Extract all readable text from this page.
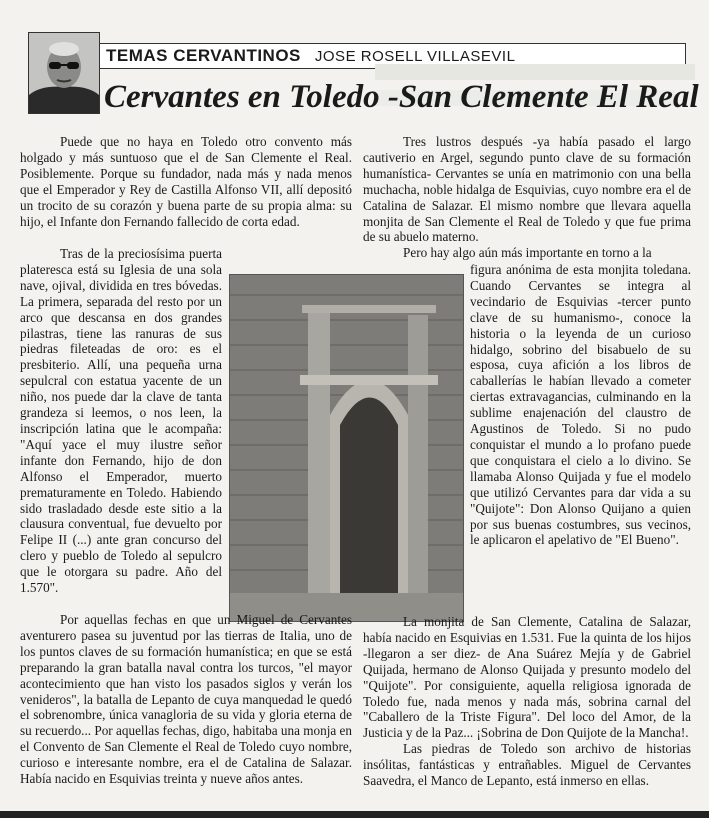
TEMAS CERVANTINOS JOSE ROSELL VILLASEVIL
Cervantes en Toledo -San Clemente El Real

Puede que no haya en Toledo otro convento más holgado y más suntuoso que el de San Clemente el Real. Posiblemente. Porque su fundador, nada más y nada menos que el Emperador y Rey de Castilla Alfonso VII, allí depositó un trocito de su corazón y buena parte de su propia alma: su hijo, el Infante don Fernando fallecido de corta edad.

Tras de la preciosísima puerta plateresca está su Iglesia de una sola nave, ojival, dividida en tres bóvedas. La primera, separada del resto por un arco que descansa en dos grandes pilastras, tiene las ranuras de sus piedras fileteadas de oro: es el presbiterio. Allí, una pequeña urna sepulcral con estatua yacente de un niño, nos puede dar la clave de tanta grandeza si leemos, o nos leen, la inscripción latina que le acompaña: "Aquí yace el muy ilustre señor infante don Fernando, hijo de don Alfonso el Emperador, muerto prematuramente en Toledo. Habiendo sido trasladado desde este sitio a la clausura conventual, fue devuelto por Felipe II (...) ante gran concurso del clero y pueblo de Toledo al sepulcro que le otorgara su padre. Año del 1.570".

Tres lustros después -ya había pasado el largo cautiverio en Argel, segundo punto clave de su formación humanística- Cervantes se unía en matrimonio con una bella muchacha, noble hidalga de Esquivias, cuyo nombre era el de Catalina de Salazar. El mismo nombre que llevara aquella monjita de San Clemente el Real de Toledo y que fue prima de su abuelo materno.

Pero hay algo aún más importante en torno a la

figura anónima de esta monjita toledana. Cuando Cervantes se integra al vecindario de Esquivias -tercer punto clave de su humanismo-, conoce la historia o la leyenda de un curioso hidalgo, sobrino del bisabuelo de su esposa, cuya afición a los libros de caballerías le habían llevado a cometer ciertas extravagancias, culminando en la sublime enajenación del claustro de Agustinos de Toledo. Si no pudo conquistar el mundo a lo profano puede que conquistara el cielo a lo divino. Se llamaba Alonso Quijada y fue el modelo que utilizó Cervantes para dar vida a su "Quijote": Don Alonso Quijano a quien por sus buenas costumbres, sus vecinos, le aplicaron el apelativo de "El Bueno".

Por aquellas fechas en que un Miguel de Cervantes aventurero pasea su juventud por las tierras de Italia, uno de los puntos claves de su formación humanística; en que se está preparando la gran batalla naval contra los turcos, "el mayor acontecimiento que han visto los pasados siglos y verán los venideros", la batalla de Lepanto de cuya manquedad le quedó el sobrenombre, única vanagloria de su vida y gloria eterna de su recuerdo... Por aquellas fechas, digo, habitaba una monja en el Convento de San Clemente el Real de Toledo cuyo nombre, curioso e interesante nombre, era el de Catalina de Salazar. Había nacido en Esquivias treinta y nueve años antes.

La monjita de San Clemente, Catalina de Salazar, había nacido en Esquivias en 1.531. Fue la quinta de los hijos -llegaron a ser diez- de Ana Suárez Mejía y de Gabriel Quijada, hermano de Alonso Quijada y presunto modelo del "Quijote". Por consiguiente, aquella religiosa ignorada de Toledo fue, nada menos y nada más, sobrina carnal del "Caballero de la Triste Figura". Del loco del Amor, de la Justicia y de la Paz... ¡Sobrina de Don Quijote de la Mancha!.

Las piedras de Toledo son archivo de historias insólitas, fantásticas y entrañables. Miguel de Cervantes Saavedra, el Manco de Lepanto, está inmerso en ellas.
